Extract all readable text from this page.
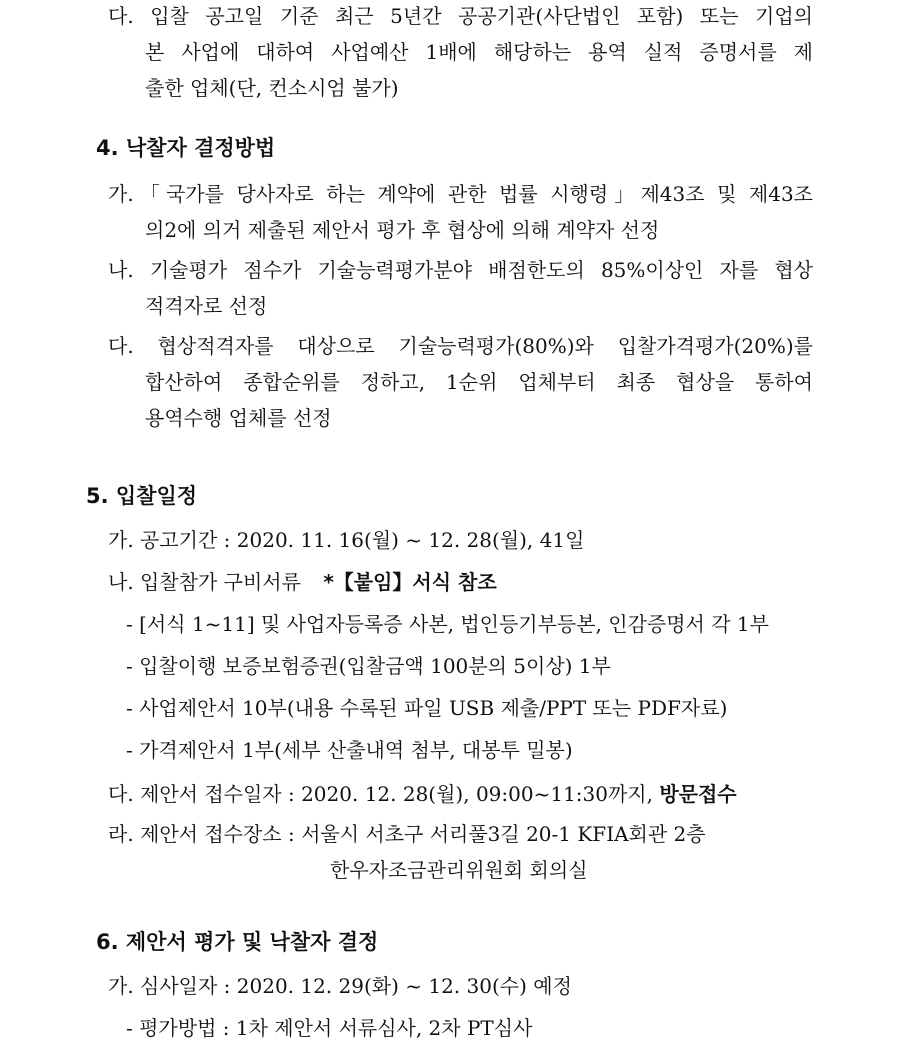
다. 입찰 공고일 기준 최근 5년간 공공기관(사단법인 포함) 또는 기업의
본 사업에 대하여 사업예산 1배에 해당하는 용역 실적 증명서를 제
출한 업체(단, 컨소시엄 불가)
4. 낙찰자 결정방법
가.「국가를 당사자로 하는 계약에 관한 법률 시행령」제43조 및 제43조
의2에 의거 제출된 제안서 평가 후 협상에 의해 계약자 선정
나. 기술평가 점수가 기술능력평가분야 배점한도의 85%이상인 자를 협상
적격자로 선정
다. 협상적격자를 대상으로 기술능력평가(80%)와 입찰가격평가(20%)를
합산하여 종합순위를 정하고, 1순위 업체부터 최종 협상을 통하여
용역수행 업체를 선정
5. 입찰일정
가. 공고기간 : 2020. 11. 16(월) ~ 12. 28(월), 41일
나. 입찰참가 구비서류 *【붙임】서식 참조
- [서식 1~11] 및 사업자등록증 사본, 법인등기부등본, 인감증명서 각 1부
- 입찰이행 보증보험증권(입찰금액 100분의 5이상) 1부
- 사업제안서 10부(내용 수록된 파일 USB 제출/PPT 또는 PDF자료)
- 가격제안서 1부(세부 산출내역 첨부, 대봉투 밀봉)
다. 제안서 접수일자 : 2020. 12. 28(월), 09:00~11:30까지, 방문접수
라. 제안서 접수장소 : 서울시 서초구 서리풀3길 20-1 KFIA회관 2층
한우자조금관리위원회 회의실
6. 제안서 평가 및 낙찰자 결정
가. 심사일자 : 2020. 12. 29(화) ~ 12. 30(수) 예정
- 평가방법 : 1차 제안서 서류심사, 2차 PT심사
